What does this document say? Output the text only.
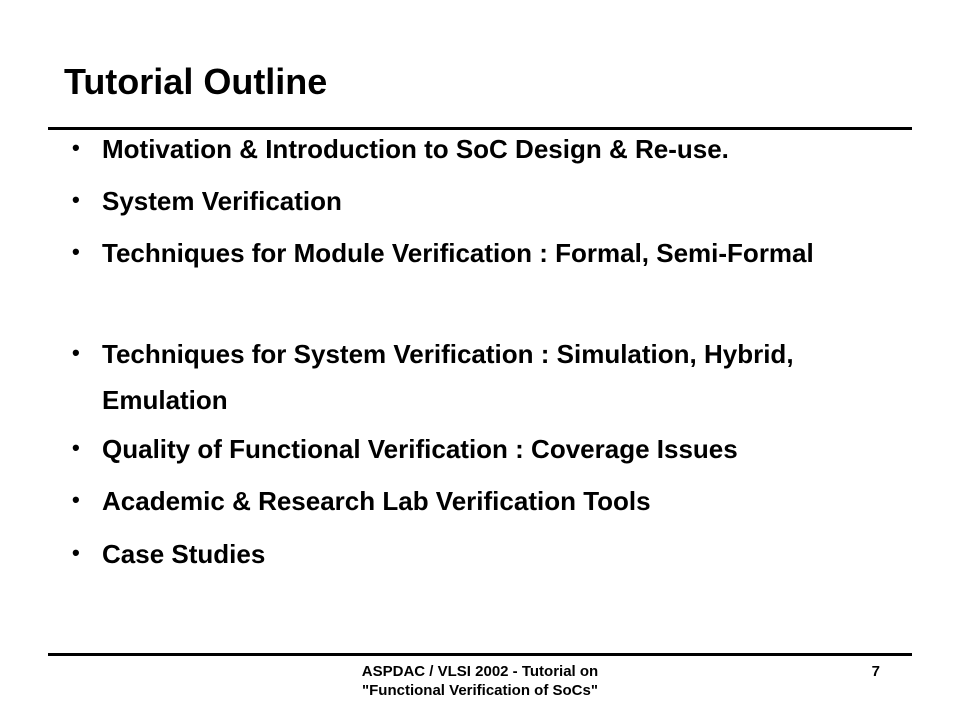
Tutorial Outline
• Motivation & Introduction to SoC Design & Re-use.
• System Verification
• Techniques for Module Verification : Formal, Semi-Formal
• Techniques for System Verification : Simulation, Hybrid, Emulation
• Quality of Functional Verification : Coverage Issues
• Academic & Research Lab Verification Tools
• Case Studies
ASPDAC / VLSI 2002 - Tutorial on "Functional Verification of SoCs"
7
